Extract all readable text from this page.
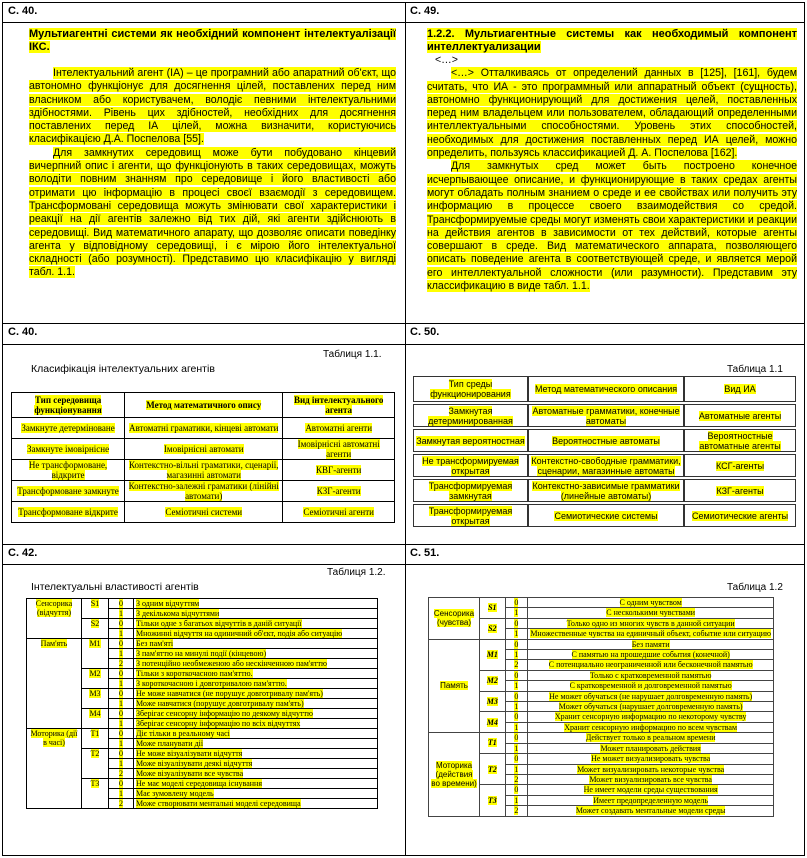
С. 40.	С. 49.
С. 40.	С. 50.
С. 42.	С. 51.

Мультиагентні системи як необхідний компонент інтелектуалізації ІКС.

Інтелектуальний агент (ІА) – це програмний або апаратний об'єкт, що автономно функціонує для досягнення цілей, поставлених перед ним власником або користувачем, володіє певними інтелектуальними здібностями. Рівень цих здібностей, необхідних для досягнення поставлених перед ІА цілей, можна визначити, користуючись класифікацією Д.А. Поспелова [55].

Для замкнутих середовищ може бути побудовано кінцевий вичерпний опис і агенти, що функціонують в таких середовищах, можуть володіти повним знанням про середовище і його властивості або отримати цю інформацію в процесі своєї взаємодії з середовищем. Трансформовані середовища можуть змінювати свої характеристики і реакції на дії агентів залежно від тих дій, які агенти здійснюють в середовищі. Вид математичного апарату, що дозволяє описати поведінку агента у відповідному середовищі, і є мірою його інтелектуальної складності (або розумності). Представимо цю класифікацію у вигляді табл. 1.1.

1.2.2. Мультиагентные системы как необходимый компонент интеллектуализации

<…>

<…> Отталкиваясь от определений данных в [125], [161], будем считать, что ИА - это программный или аппаратный объект (сущность), автономно функционирующий для достижения целей, поставленных перед ним владельцем или пользователем, обладающий определенными интеллектуальными способностями. Уровень этих способностей, необходимых для достижения поставленных перед ИА целей, можно определить, пользуясь классификацией Д. А. Поспелова [162].

Для замкнутых сред может быть построено конечное исчерпывающее описание, и функционирующие в таких средах агенты могут обладать полным знанием о среде и ее свойствах или получить эту информацию в процессе своего взаимодействия со средой. Трансформируемые среды могут изменять свои характеристики и реакции на действия агентов в зависимости от тех действий, которые агенты совершают в среде. Вид математического аппарата, позволяющего описать поведение агента в соответствующей среде, и является мерой его интеллектуальной сложности (или разумности). Представим эту классификацию в виде табл. 1.1.

Таблиця 1.1.
Класифікація інтелектуальних агентів
Тип середовища функціонування	Метод математичного опису	Вид інтелектуального агента
Замкнуте детерміноване	Автоматні граматики, кінцеві автомати	Автоматні агенти
Замкнуте імовірнісне	Імовірнісні автомати	Імовірнісні автоматні агенти
Не трансформоване, відкрите	Контекстно-вільні граматики, сценарії, магазинні автомати	КВГ-агенти
Трансформоване замкнуте	Контекстно-залежні граматики (лінійні автомати)	КЗГ-агенти
Трансформоване відкрите	Семіотичні системи	Семіотичні агенти
Таблица 1.1
Тип среды функционирования	Метод математического описания	Вид ИА
Замкнутая детерминированная	Автоматные грамматики, конечные автоматы	Автоматные агенты
Замкнутая вероятностная	Вероятностные автоматы	Вероятностные автоматные агенты
Не трансформируемая открытая	Контекстно-свободные грамматики, сценарии, магазинные автоматы	КСГ-агенты
Трансформируемая замкнутая	Контекстно-зависимые грамматики (линейные автоматы)	КЗГ-агенты
Трансформируемая открытая	Семиотические системы	Семиотические агенты
Таблиця 1.2.
Інтелектуальні властивості агентів
Сенсорика (відчуття)	S1	0	З одним відчуттям
		1	З декількома відчуттями
	S2	0	Тільки одне з багатьох відчуттів в даній ситуації
		1	Множинні відчуття на одиничний об'єкт, подія або ситуацію
Пам'ять	M1	0	Без пам'яті
		1	З пам'яттю на минулі події (кінцевою)
		2	З потенційно необмеженою або нескінченною пам'яттю
	M2	0	Тільки з короткочасною пам'яттю.
		1	З короткочасною і довготривалою пам'яттю.
	M3	0	Не може навчатися (не порушує довготривалу пам'ять)
		1	Може навчатися (порушує довготривалу пам'ять)
	M4	0	Зберігає сенсорну інформацію по деякому відчуттю
		1	Зберігає сенсорну інформацію по всіх відчуттях
Моторика (дії в часі)	T1	0	Діє тільки в реальному часі
		1	Може планувати дії
	T2	0	Не може візуалізувати відчуття
		1	Може візуалізувати деякі відчуття
		2	Може візуалізувати все чувства
	T3	0	Не має моделі середовища існування
		1	Має зумовлену модель
		2	Може створювати ментальні моделі середовища
Таблица 1.2
Сенсорика (чувства)	S1	0	С одним чувством
		1	С несколькими чувствами
	S2	0	Только одно из многих чувств в данной ситуации
		1	Множественные чувства на единичный объект, событие или ситуацию
Память	M1	0	Без памяти
		1	С памятью на прошедшие события (конечной)
		2	С потенциально неограниченной или бесконечной памятью
	M2	0	Только с кратковременной памятью
		1	С кратковременной и долговременной памятью
	M3	0	Не может обучаться (не нарушает долговременную память)
		1	Может обучаться (нарушает долговременную память)
	M4	0	Хранит сенсорную информацию по некоторому чувству
		1	Хранит сенсорную информацию по всем чувствам
Моторика (действия во времени)	T1	0	Действует только в реальном времени
		1	Может планировать действия
	T2	0	Не может визуализировать чувства
		1	Может визуализировать некоторые чувства
		2	Может визуализировать все чувства
	T3	0	Не имеет модели среды существования
		1	Имеет предопределенную модель
		2	Может создавать ментальные модели среды
